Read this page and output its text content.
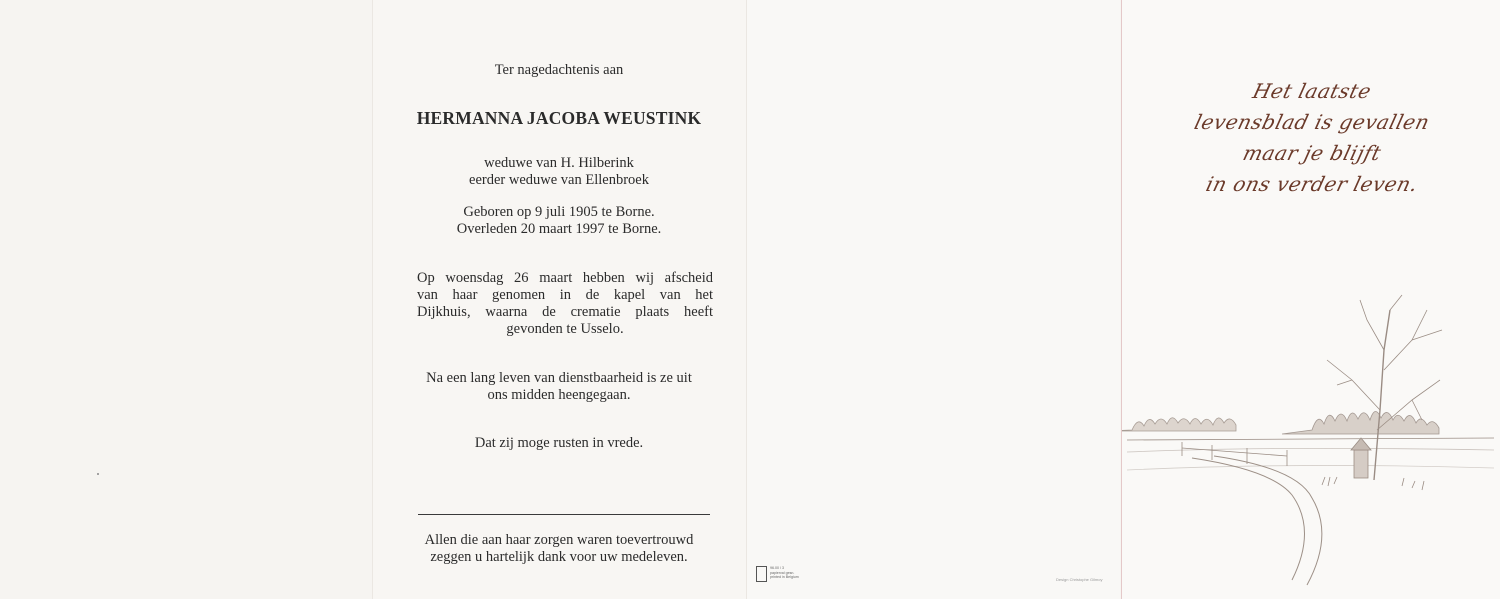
Ter nagedachtenis aan
HERMANNA JACOBA WEUSTINK
weduwe van H. Hilberink
eerder weduwe van Ellenbroek
Geboren op 9 juli 1905 te Borne.
Overleden 20 maart 1997 te Borne.
Op woensdag 26 maart hebben wij afscheid
van haar genomen in de kapel van het
Dijkhuis, waarna de crematie plaats heeft
gevonden te Usselo.
Na een lang leven van dienstbaarheid is ze uit
ons midden heengegaan.
Dat zij moge rusten in vrede.
Allen die aan haar zorgen waren toevertrouwd
zeggen u hartelijk dank voor uw medeleven.
96.00 / 3
papierval gesn.
printed in Belgium	Design Christophe Gilmoy
Het laatste
levensblad is gevallen
maar je blijft
in ons verder leven.
